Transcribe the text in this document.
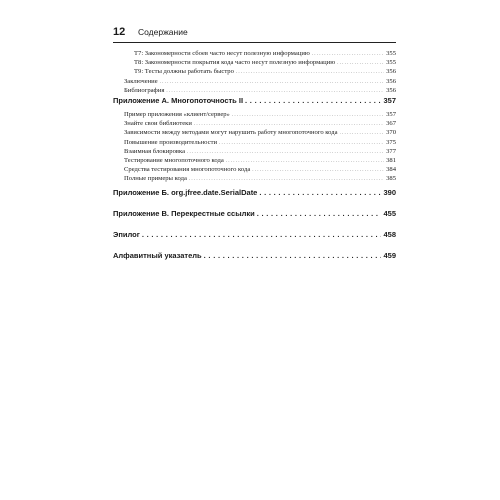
12	Содержание
T7: Закономерности сбоев часто несут полезную информацию . . .	355
T8: Закономерности покрытия кода часто несут полезную информацию . . .	355
T9: Тесты должны работать быстро . . .	356
Заключение . . .	356
Библиография . . .	356
Приложение А. Многопоточность II . . .	357
Пример приложения «клиент/сервер» . . .	357
Знайте свои библиотеки . . .	367
Зависимости между методами могут нарушить работу многопоточного кода . . .	370
Повышение производительности . . .	375
Взаимная блокировка . . .	377
Тестирование многопоточного кода . . .	381
Средства тестирования многопоточного кода . . .	384
Полные примеры кода . . .	385
Приложение Б. org.jfree.date.SerialDate . . .	390
Приложение В. Перекрестные ссылки . . .	455
Эпилог . . .	458
Алфавитный указатель . . .	459
